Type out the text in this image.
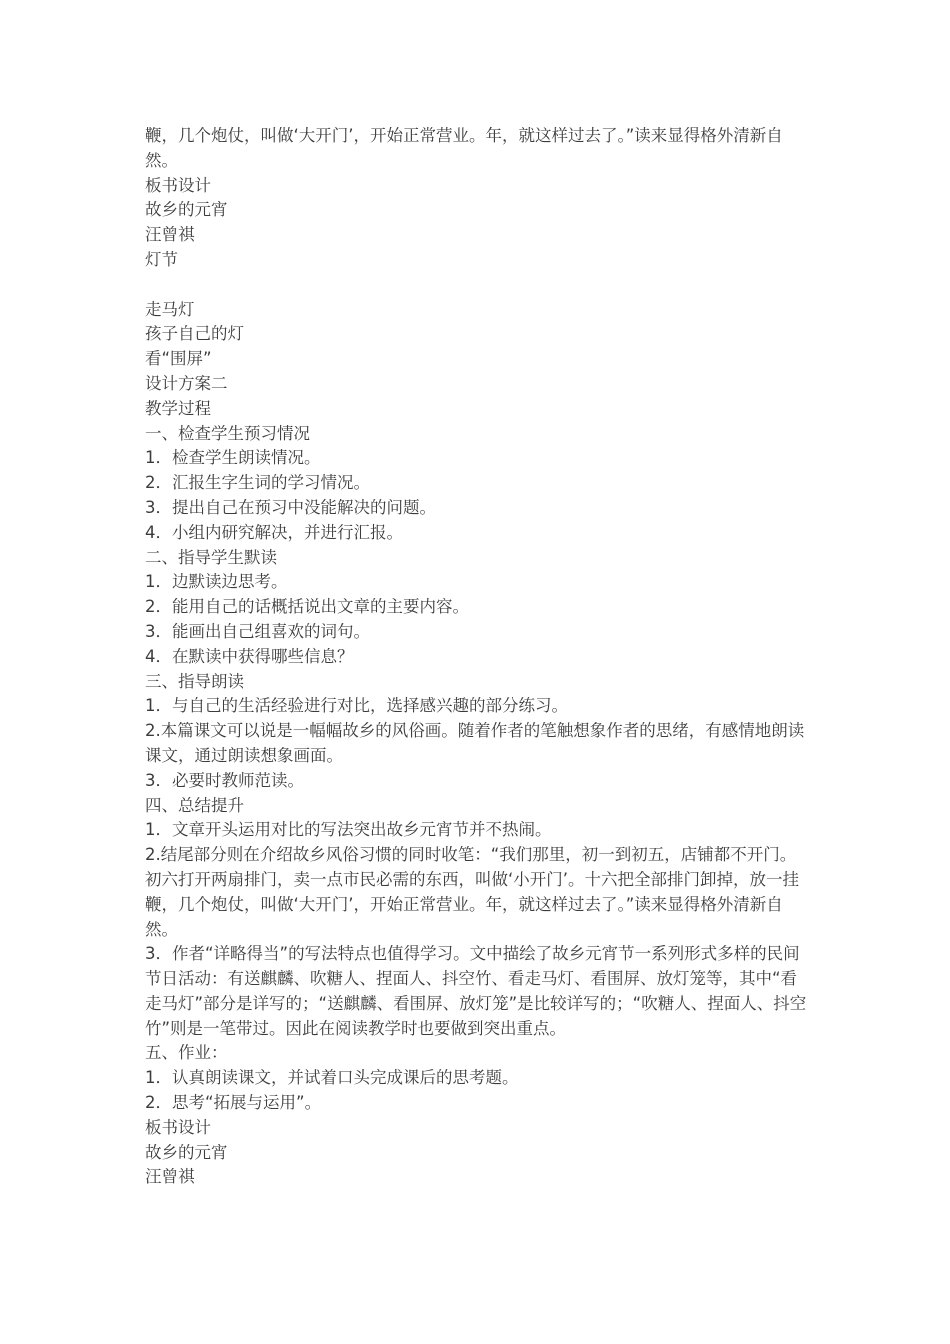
鞭，几个炮仗，叫做‘大开门’，开始正常营业。年，就这样过去了。”读来显得格外清新自然。
板书设计
故乡的元宵
汪曾祺
灯节
走马灯
孩子自己的灯
看“围屏”
设计方案二
教学过程
一、检查学生预习情况
1．检查学生朗读情况。
2．汇报生字生词的学习情况。
3．提出自己在预习中没能解决的问题。
4．小组内研究解决，并进行汇报。
二、指导学生默读
1．边默读边思考。
2．能用自己的话概括说出文章的主要内容。
3．能画出自己组喜欢的词句。
4．在默读中获得哪些信息？
三、指导朗读
1．与自己的生活经验进行对比，选择感兴趣的部分练习。
2.本篇课文可以说是一幅幅故乡的风俗画。随着作者的笔触想象作者的思绪，有感情地朗读课文，通过朗读想象画面。
3．必要时教师范读。
四、总结提升
1．文章开头运用对比的写法突出故乡元宵节并不热闹。
2.结尾部分则在介绍故乡风俗习惯的同时收笔：“我们那里，初一到初五，店铺都不开门。初六打开两扇排门，卖一点市民必需的东西，叫做‘小开门’。十六把全部排门卸掉，放一挂鞭，几个炮仗，叫做‘大开门’，开始正常营业。年，就这样过去了。”读来显得格外清新自然。
3．作者“详略得当”的写法特点也值得学习。文中描绘了故乡元宵节一系列形式多样的民间节日活动：有送麒麟、吹糖人、捏面人、抖空竹、看走马灯、看围屏、放灯笼等，其中“看走马灯”部分是详写的；“送麒麟、看围屏、放灯笼”是比较详写的；“吹糖人、捏面人、抖空竹”则是一笔带过。因此在阅读教学时也要做到突出重点。
五、作业：
1．认真朗读课文，并试着口头完成课后的思考题。
2．思考“拓展与运用”。
板书设计
故乡的元宵
汪曾祺
